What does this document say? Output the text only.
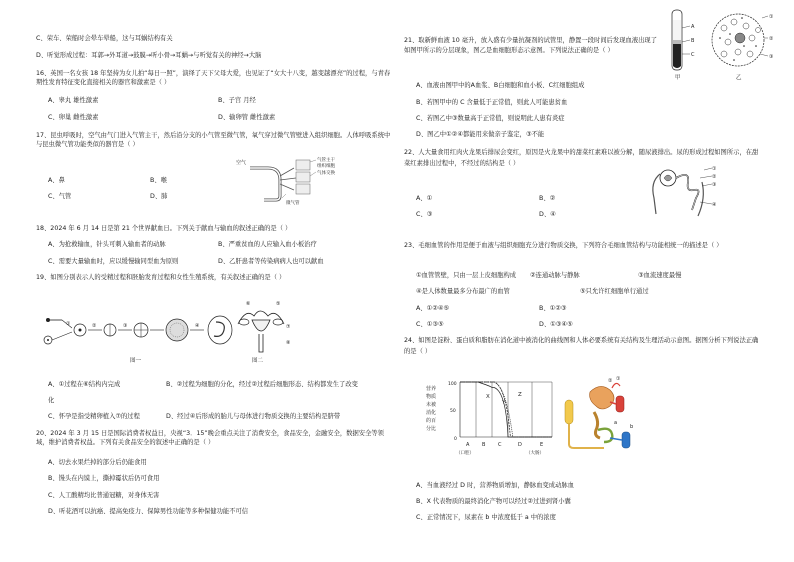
C、荣车、荣船时会晕车晕船，这与耳蜗结构有关
D、听觉形成过程：耳郭→外耳道→鼓膜→听小骨→耳蜗→与听觉有关的神经→大脑
16、英国一名女孩 18 年坚持为女儿拍“每日一照”，演绎了天下父母大爱，也见证了“女大十八变，越变越漂亮”的过程，与青春期性发育特征变化直接相关的器官和激素是（ ）
A、睾丸 雄性激素	B、子宫 月经
C、卵巢 雌性激素	D、输卵管 雌性激素
17、昆虫呼吸时，空气由气门进入气管主干，然后沿分支的小气管至微气管，氧气穿过微气管壁进入组织细胞。人体呼吸系统中与昆虫微气管功能类似的器官是（ ）
A、鼻	B、喉
C、气管	D、肺
空气	气管主干
组织细胞
气体交换
微气管
18、2024 年 6 月 14 日是第 21 个世界献血日。下列关于献血与输血的叙述正确的是（ ）
A、为抢救输血，针头可刺入输血者的动脉	B、严重贫血的人应输入血小板治疗
C、需要大量输血时，应以缓慢输同型血为原则	D、乙肝患者等传染病病人也可以献血
19、如图分别表示人的受精过程和胚胎发育过程和女性生殖系统，有关叙述正确的是（ ）
⑥	⑤
⑦
⑧
①	②	③	④
图一	图二
A、①过程在⑥结构内完成	B、②过程为细胞的分化，经过②过程后细胞形态、结构都发生了改变
化
C、怀孕是指受精卵植入⑦的过程	D、经过④后形成的胎儿与母体进行物质交换的主要结构是脐带
20、2024 年 3 月 15 日是国际消费者权益日，央视“3．15”晚会重点关注了消费安全，食品安全，金融安全，数据安全等领域，维护消费者权益。下列有关食品安全的叙述中正确的是（ ）
A、切去水果烂掉的部分后仍能食用
B、馒头在内馍上，撕掉霉状后仍可食用
C、人工酸精均比普通冠糖，对身体无害
D、听花酒可以抗癌、提高免疫力、保障男性功能等多种保健功能不可信
21、取新鲜血液 10 毫升，放入盛有少量抗凝剂的试管里，静置一段时间后发现血液出现了如图甲所示的分层现象，图乙是血细胞形态示意图。下列说法正确的是（ ）
A
B
C
甲
①
②
③
乙
A、血液由图甲中的A血浆、B白细胞和血小板、C红细胞组成
B、若图甲中的 C 含量低于正常值，则此人可能患贫血
C、若图乙中③数量高于正常值，则说明此人患有炎症
D、图乙中①②④都能用来做亲子鉴定，③不能
22、人大量食用红肉火龙果后排尿会变红，原因是火龙果中的甜菜红素难以被分解，随尿液排出。尿的形成过程如图所示，在甜菜红素排出过程中，不经过的结构是（ ）
①
②
③
④
A、①	B、②
C、③	D、④
23、毛细血管的作用是便于血液与组织细胞充分进行物质交换，下列符合毛细血管结构与功能相统一的描述是（ ）
①血管管壁，只由一层上皮细胞构成 ②连通动脉与静脉	③血流速度最慢
④是人体数量最多分布最广的血管	⑤只允许红细胞单行通过
A、①②④⑤	B、①②③
C、①③⑤	D、①③④⑤
24、如图是淀粉、蛋白质和脂肪在消化道中被消化的曲线图和人体必要系统有关结构及生理活动示意图。据图分析下列说法正确的是（ ）
营养
物质
未被
消化
的百
分比
100
50
0
A	B	C	D	E
X
Y
Z
（口腔）	（大肠）
①
②
a
b
A、当血液经过 D 时，营养物质增加，静脉血变成动脉血
B、X 代表物质的最终消化产物可以经过②过进到肾小囊
C、正常情况下，尿素在 b 中浓度低于 a 中的浓度
